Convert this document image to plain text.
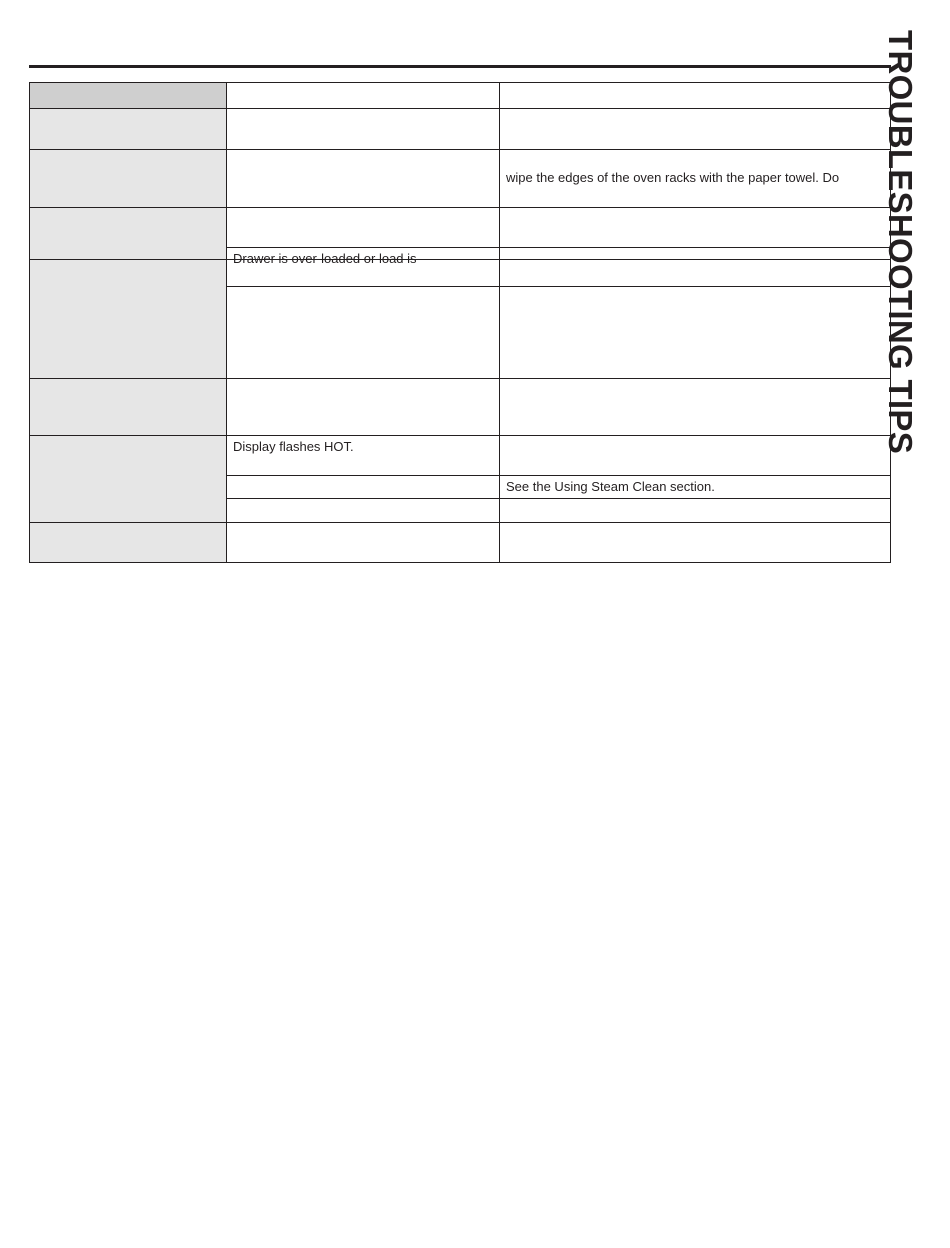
TROUBLESHOOTING TIPS
Drawer is over-loaded or load is
Display flashes HOT.
wipe the edges of the oven racks with the paper towel. Do
See the Using Steam Clean section.
